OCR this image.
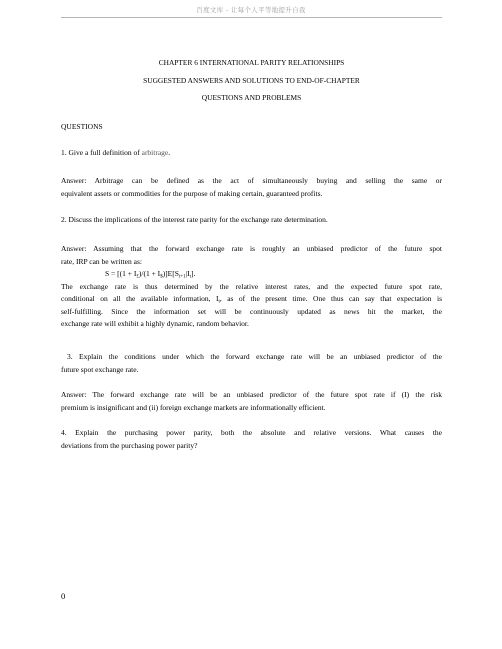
百度文库 - 让每个人平等地提升自我
CHAPTER 6 INTERNATIONAL PARITY RELATIONSHIPS
SUGGESTED ANSWERS AND SOLUTIONS TO END-OF-CHAPTER
QUESTIONS AND PROBLEMS
QUESTIONS
1. Give a full definition of arbitrage.
Answer: Arbitrage can be defined as the act of simultaneously buying and selling the same or
equivalent assets or commodities for the purpose of making certain, guaranteed profits.
2. Discuss the implications of the interest rate parity for the exchange rate determination.
Answer: Assuming that the forward exchange rate is roughly an unbiased predictor of the future spot
rate, IRP can be written as:
$S = [(1 + I_£)/(1 + I_{\$})]E[S_{t+1}|I_t]$.
The exchange rate is thus determined by the relative interest rates, and the expected future spot rate,
conditional on all the available information, $I_t$, as of the present time. One thus can say that expectation is
self-fulfilling. Since the information set will be continuously updated as news hit the market, the
exchange rate will exhibit a highly dynamic, random behavior.
3. Explain the conditions under which the forward exchange rate will be an unbiased predictor of the
future spot exchange rate.
Answer: The forward exchange rate will be an unbiased predictor of the future spot rate if (I) the risk
premium is insignificant and (ii) foreign exchange markets are informationally efficient.
4. Explain the purchasing power parity, both the absolute and relative versions. What causes the
deviations from the purchasing power parity?
0
